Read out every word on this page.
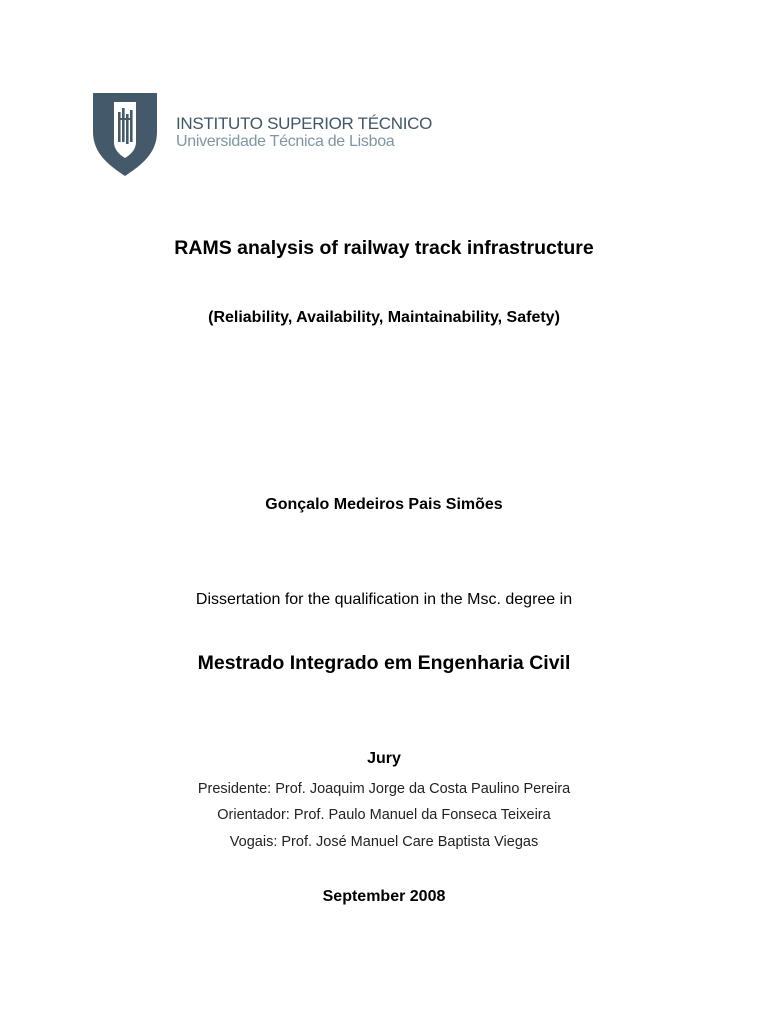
INSTITUTO SUPERIOR TÉCNICO
Universidade Técnica de Lisboa
RAMS analysis of railway track infrastructure
(Reliability, Availability, Maintainability, Safety)
Gonçalo Medeiros Pais Simões
Dissertation for the qualification in the Msc. degree in
Mestrado Integrado em Engenharia Civil
Jury
Presidente: Prof. Joaquim Jorge da Costa Paulino Pereira
Orientador: Prof. Paulo Manuel da Fonseca Teixeira
Vogais: Prof. José Manuel Care Baptista Viegas
September 2008
